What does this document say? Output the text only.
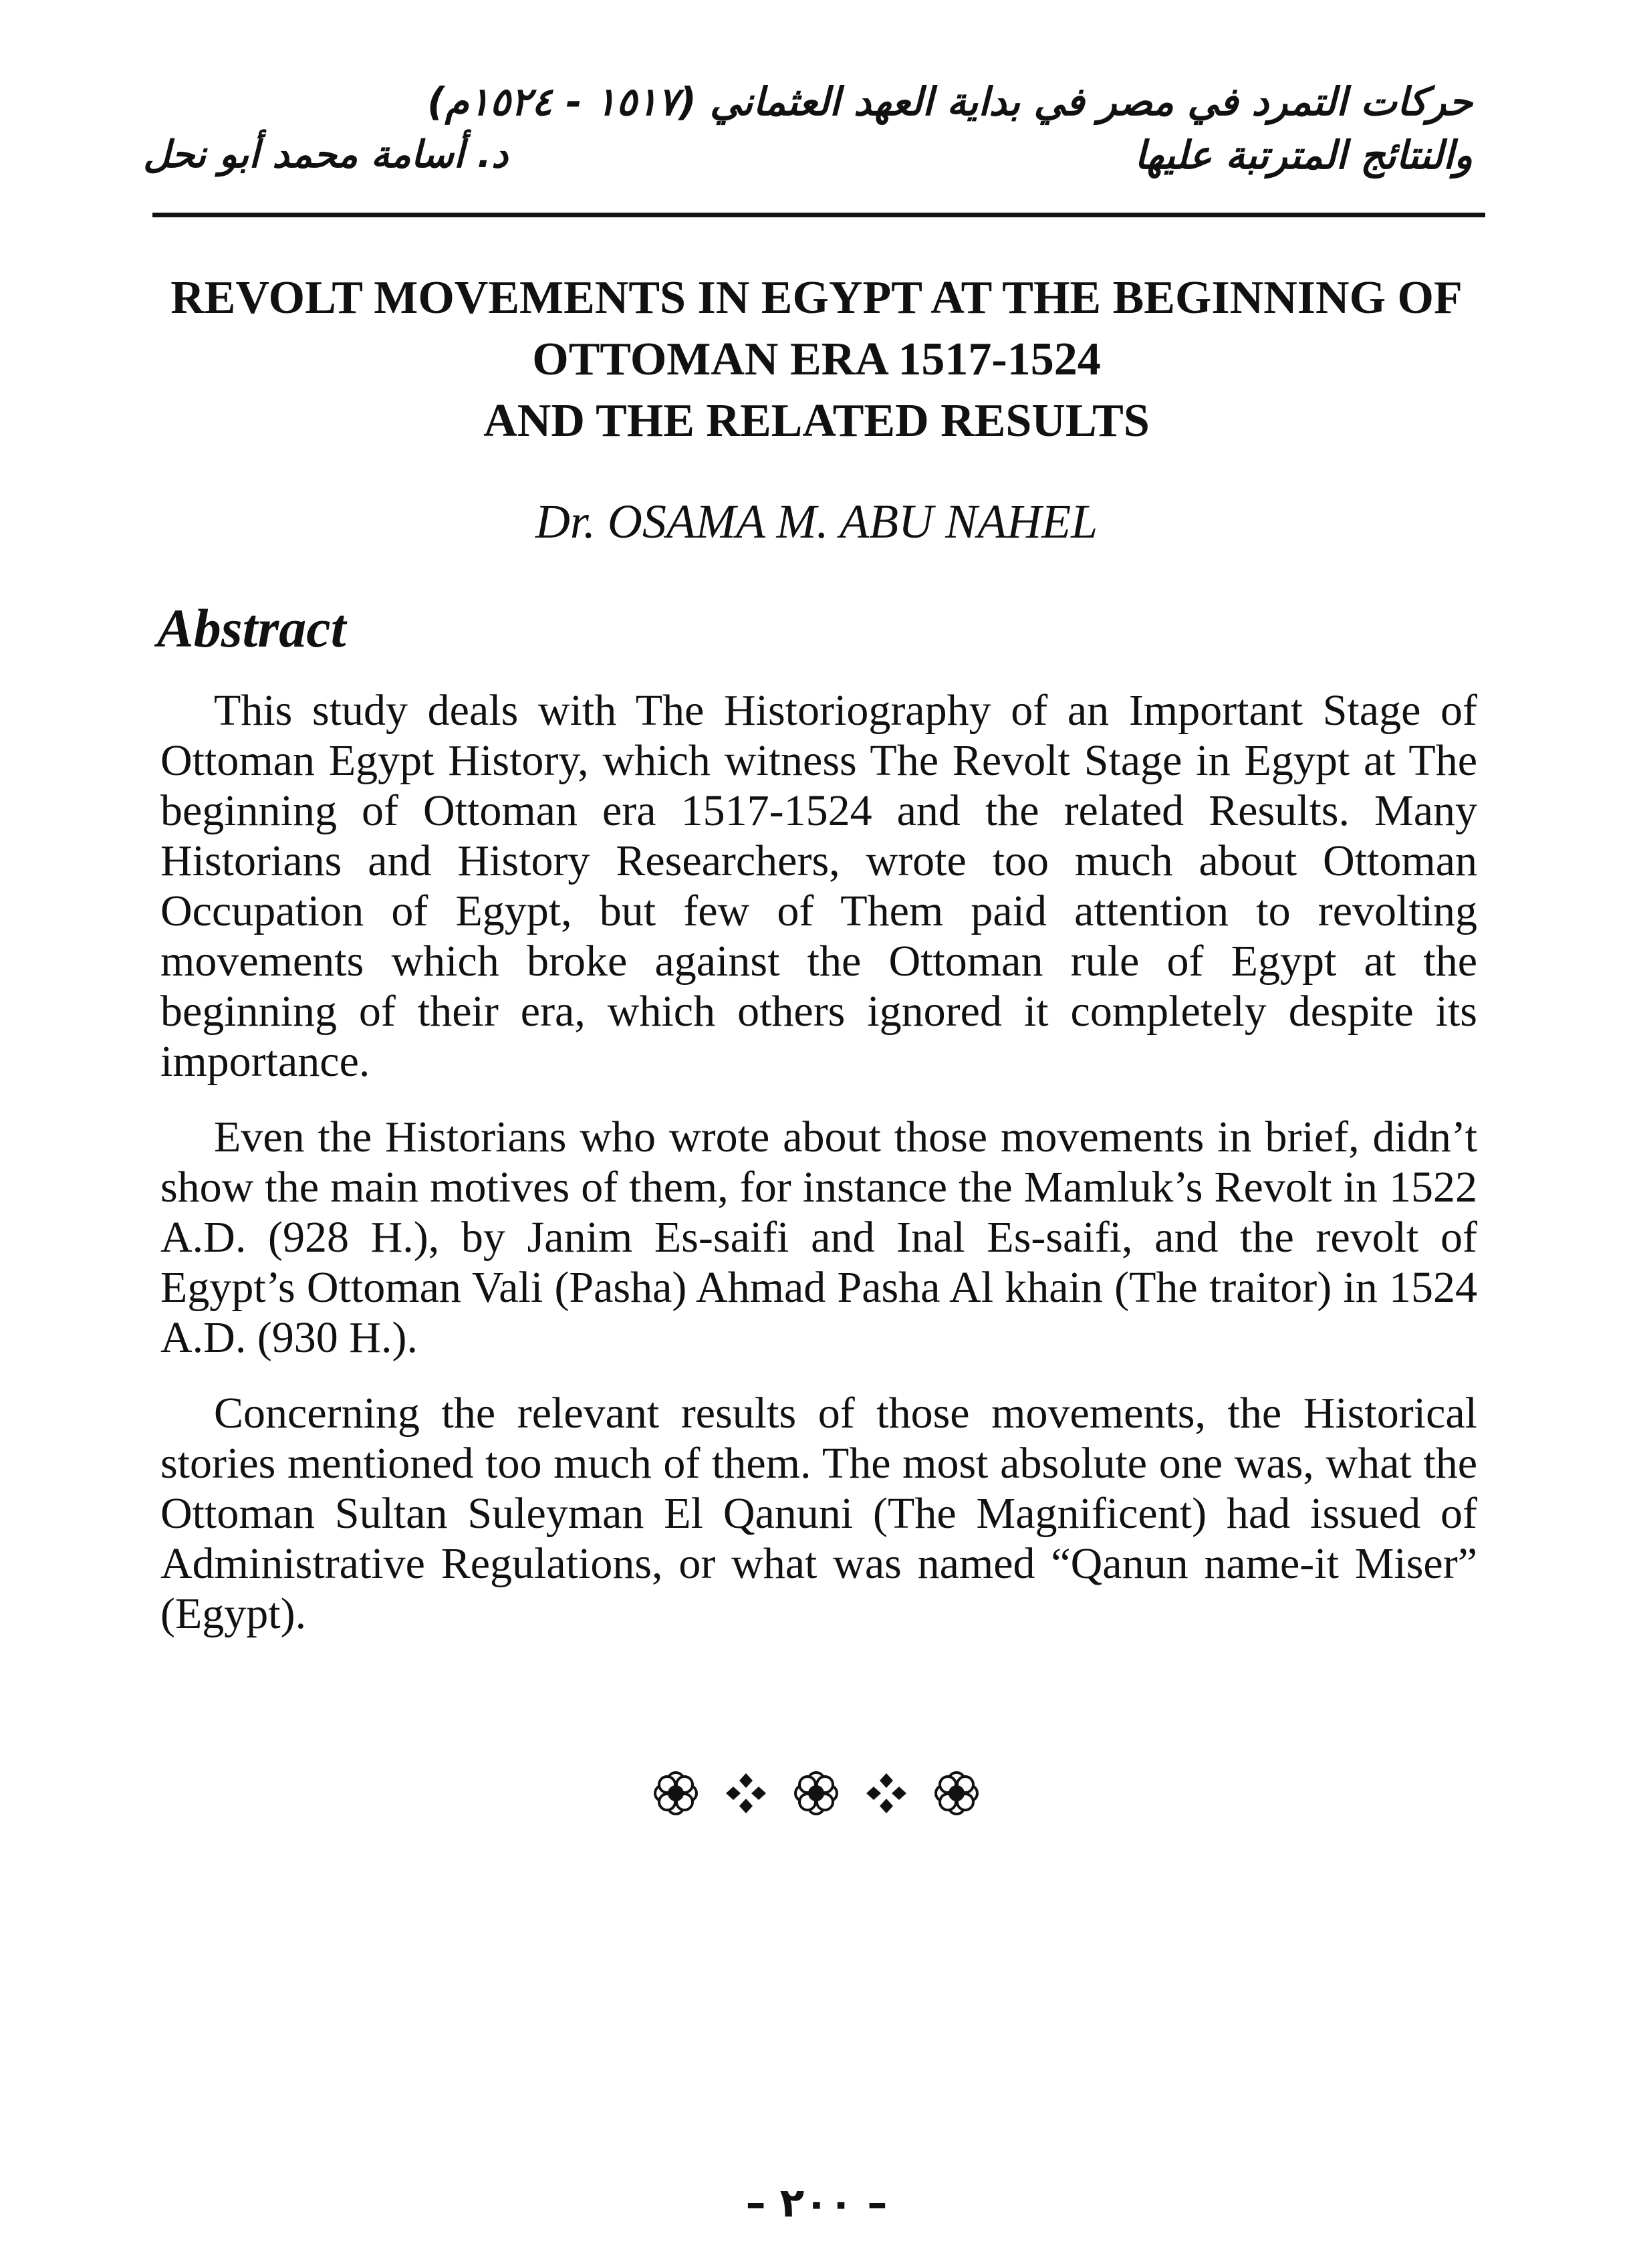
حركات التمرد في مصر في بداية العهد العثماني (١٥١٧ - ١٥٢٤م)
والنتائج المترتبة عليها
د. أسامة محمد أبو نحل
REVOLT MOVEMENTS IN EGYPT AT THE BEGINNING OF
OTTOMAN ERA 1517-1524
AND THE RELATED RESULTS
Dr. OSAMA M. ABU NAHEL
Abstract

This study deals with The Historiography of an Important Stage of Ottoman Egypt History, which witness The Revolt Stage in Egypt at The beginning of Ottoman era 1517-1524 and the related Results. Many Historians and History Researchers, wrote too much about Ottoman Occupation of Egypt, but few of Them paid attention to revolting movements which broke against the Ottoman rule of Egypt at the beginning of their era, which others ignored it completely despite its importance.

Even the Historians who wrote about those movements in brief, didn’t show the main motives of them, for instance the Mamluk’s Revolt in 1522 A.D. (928 H.), by Janim Es-saifi and Inal Es-saifi, and the revolt of Egypt’s Ottoman Vali (Pasha) Ahmad Pasha Al khain (The traitor) in 1524 A.D. (930 H.).

Concerning the relevant results of those movements, the Historical stories mentioned too much of them. The most absolute one was, what the Ottoman Sultan Suleyman El Qanuni (The Magnificent) had issued of Administrative Regulations, or what was named “Qanun name-it Miser” (Egypt).

– ٢٠٠ –
